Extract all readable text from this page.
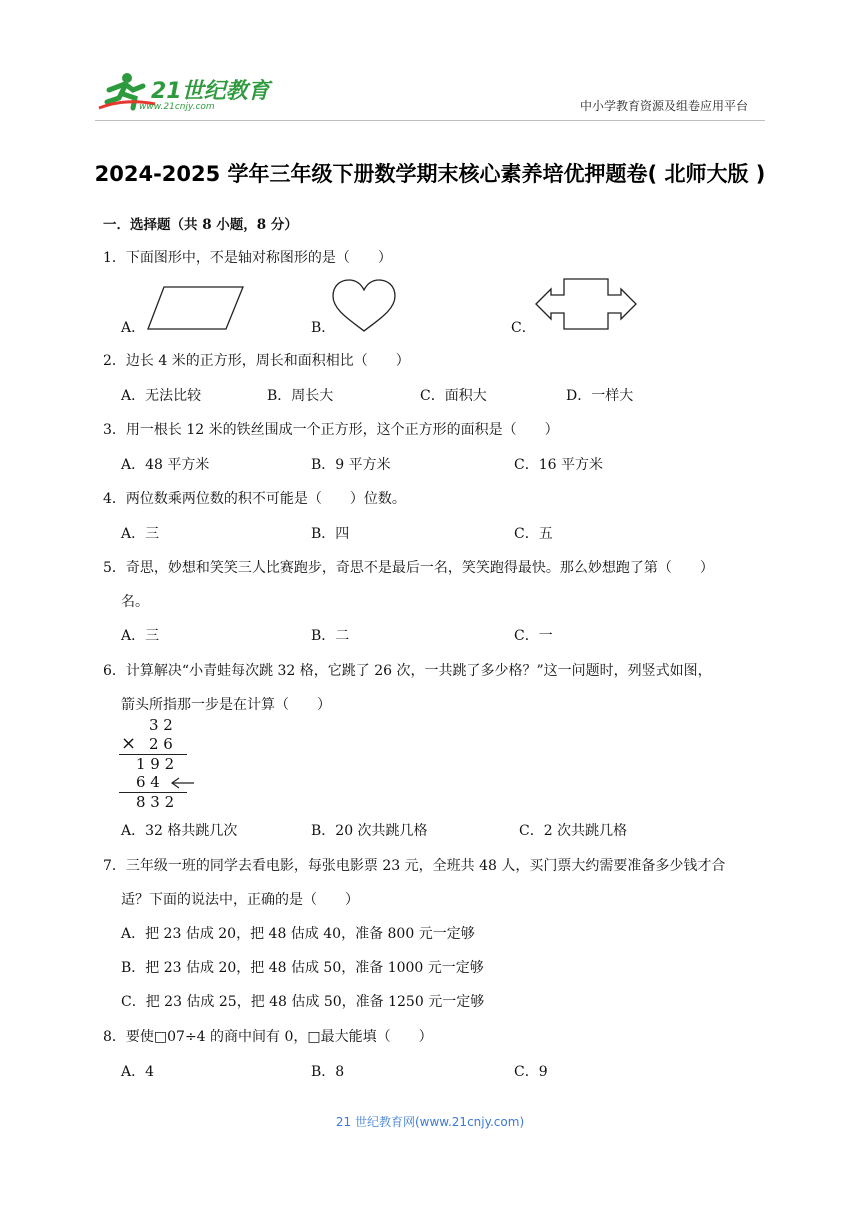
21世纪教育
www.21cnjy.com	中小学教育资源及组卷应用平台
2024-2025 学年三年级下册数学期末核心素养培优押题卷( 北师大版 )
一．选择题（共 8 小题，8 分）
1．下面图形中，不是轴对称图形的是（　　）
A．	B．	C．
2．边长 4 米的正方形，周长和面积相比（　　）
A．无法比较	B．周长大	C．面积大	D．一样大
3．用一根长 12 米的铁丝围成一个正方形，这个正方形的面积是（　　）
A．48 平方米	B．9 平方米	C．16 平方米
4．两位数乘两位数的积不可能是（　　）位数。
A．三	B．四	C．五
5．奇思，妙想和笑笑三人比赛跑步，奇思不是最后一名，笑笑跑得最快。那么妙想跑了第（　　）
名。
A．三	B．二	C．一
6．计算解决“小青蛙每次跳 32 格，它跳了 26 次，一共跳了多少格？”这一问题时，列竖式如图，
箭头所指那一步是在计算（　　）
3 2
× 2 6
1 9 2
6 4
8 3 2
A．32 格共跳几次	B．20 次共跳几格	C．2 次共跳几格
7．三年级一班的同学去看电影，每张电影票 23 元，全班共 48 人，买门票大约需要准备多少钱才合
适？下面的说法中，正确的是（　　）
A．把 23 估成 20，把 48 估成 40，准备 800 元一定够
B．把 23 估成 20，把 48 估成 50，准备 1000 元一定够
C．把 23 估成 25，把 48 估成 50，准备 1250 元一定够
8．要使□07÷4 的商中间有 0，□最大能填（　　）
A．4	B．8	C．9
21 世纪教育网(www.21cnjy.com)
